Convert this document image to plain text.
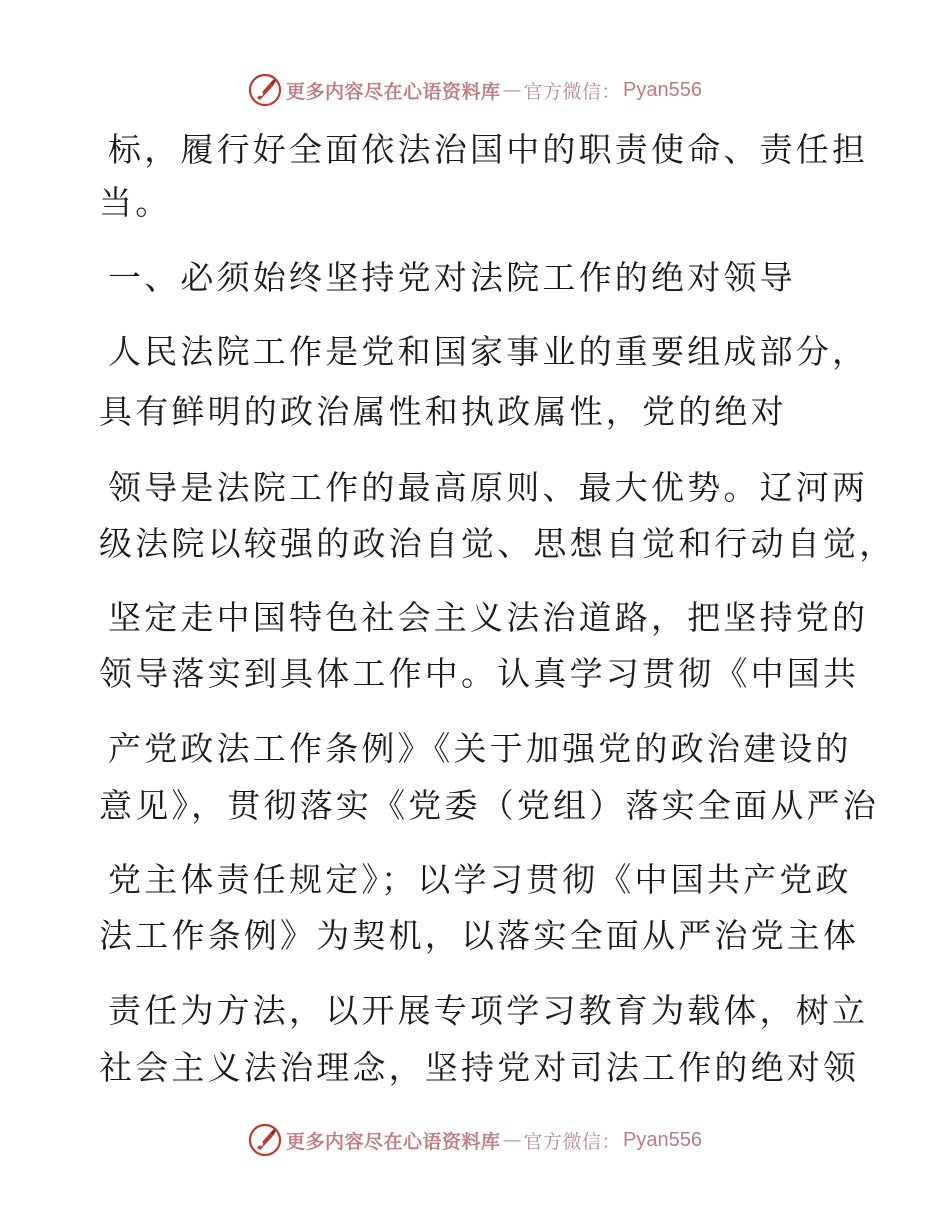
更多内容尽在心语资料库 — 官方微信： Pyan556
标，履行好全面依法治国中的职责使命、责任担
当。
一、必须始终坚持党对法院工作的绝对领导
人民法院工作是党和国家事业的重要组成部分，
具有鲜明的政治属性和执政属性，党的绝对
领导是法院工作的最高原则、最大优势。辽河两
级法院以较强的政治自觉、思想自觉和行动自觉，
坚定走中国特色社会主义法治道路，把坚持党的
领导落实到具体工作中。认真学习贯彻《中国共
产党政法工作条例》《关于加强党的政治建设的
意见》，贯彻落实《党委（党组）落实全面从严治
党主体责任规定》；以学习贯彻《中国共产党政
法工作条例》为契机，以落实全面从严治党主体
责任为方法，以开展专项学习教育为载体，树立
社会主义法治理念，坚持党对司法工作的绝对领
更多内容尽在心语资料库 — 官方微信： Pyan556
